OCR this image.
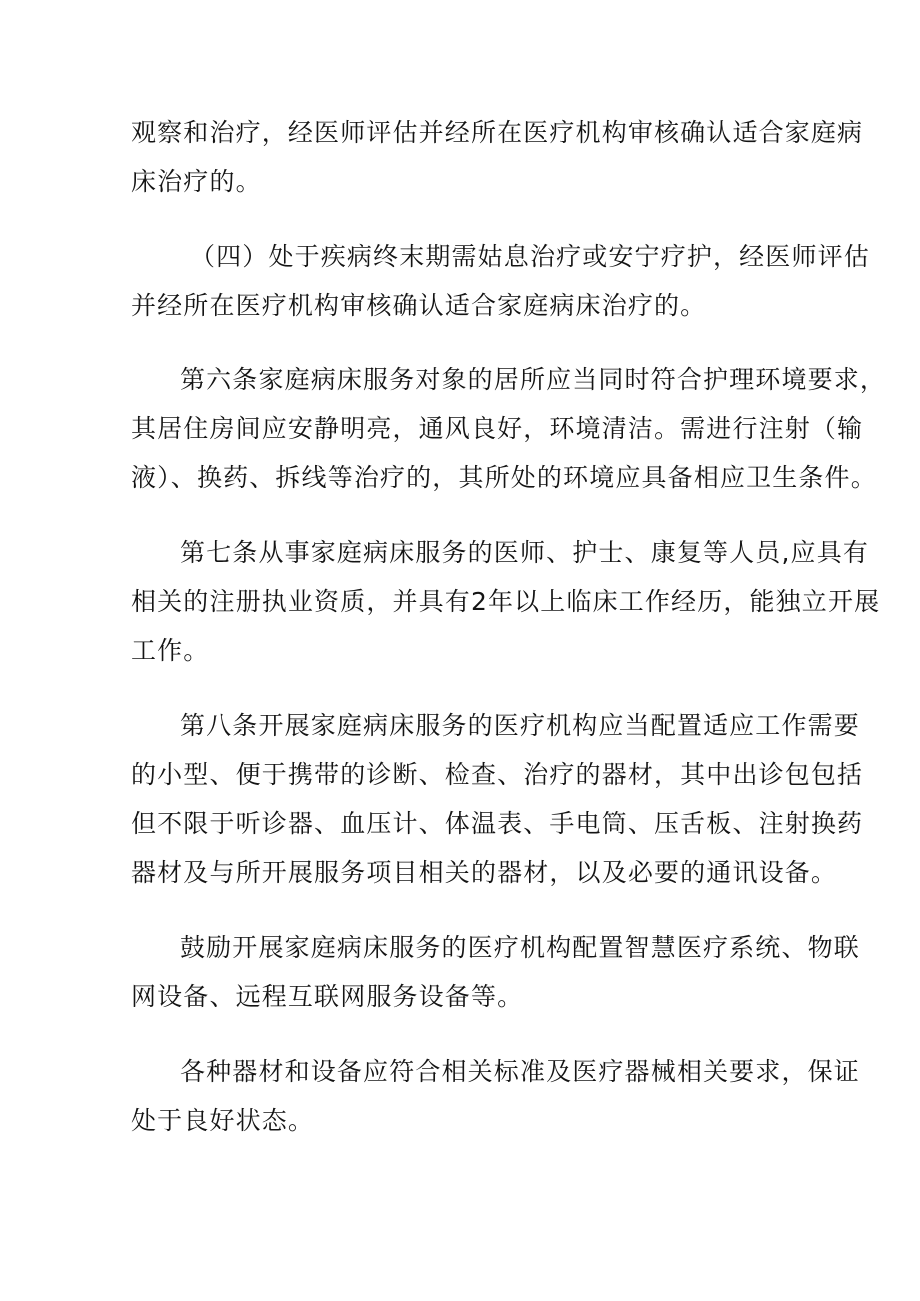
观察和治疗，经医师评估并经所在医疗机构审核确认适合家庭病

床治疗的。

（四）处于疾病终末期需姑息治疗或安宁疗护，经医师评估

并经所在医疗机构审核确认适合家庭病床治疗的。

第六条家庭病床服务对象的居所应当同时符合护理环境要求，

其居住房间应安静明亮，通风良好，环境清洁。需进行注射（输

液）、换药、拆线等治疗的，其所处的环境应具备相应卫生条件。

第七条从事家庭病床服务的医师、护士、康复等人员,应具有

相关的注册执业资质，并具有2年以上临床工作经历，能独立开展

工作。

第八条开展家庭病床服务的医疗机构应当配置适应工作需要

的小型、便于携带的诊断、检查、治疗的器材，其中出诊包包括

但不限于听诊器、血压计、体温表、手电筒、压舌板、注射换药

器材及与所开展服务项目相关的器材，以及必要的通讯设备。

鼓励开展家庭病床服务的医疗机构配置智慧医疗系统、物联

网设备、远程互联网服务设备等。

各种器材和设备应符合相关标准及医疗器械相关要求，保证

处于良好状态。
